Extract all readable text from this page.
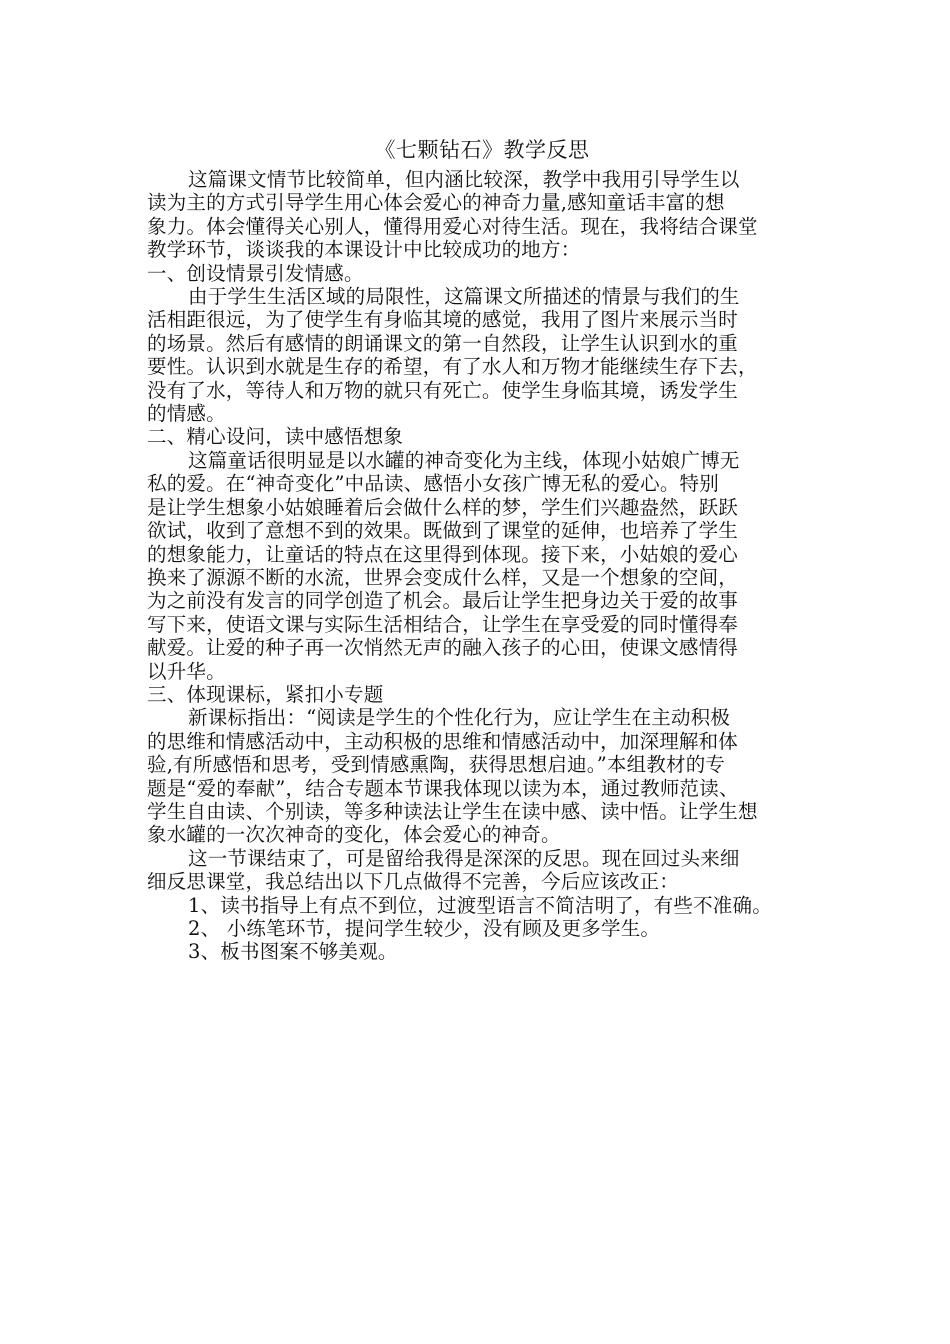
《七颗钻石》教学反思
这篇课文情节比较简单，但内涵比较深，教学中我用引导学生以
读为主的方式引导学生用心体会爱心的神奇力量,感知童话丰富的想
象力。体会懂得关心别人，懂得用爱心对待生活。现在，我将结合课堂
教学环节，谈谈我的本课设计中比较成功的地方：
一、创设情景引发情感。
由于学生生活区域的局限性，这篇课文所描述的情景与我们的生
活相距很远，为了使学生有身临其境的感觉，我用了图片来展示当时
的场景。然后有感情的朗诵课文的第一自然段，让学生认识到水的重
要性。认识到水就是生存的希望，有了水人和万物才能继续生存下去，
没有了水，等待人和万物的就只有死亡。使学生身临其境，诱发学生
的情感。
二、精心设问，读中感悟想象
这篇童话很明显是以水罐的神奇变化为主线，体现小姑娘广博无
私的爱。在“神奇变化”中品读、感悟小女孩广博无私的爱心。特别
是让学生想象小姑娘睡着后会做什么样的梦，学生们兴趣盎然，跃跃
欲试，收到了意想不到的效果。既做到了课堂的延伸，也培养了学生
的想象能力，让童话的特点在这里得到体现。接下来，小姑娘的爱心
换来了源源不断的水流，世界会变成什么样，又是一个想象的空间，
为之前没有发言的同学创造了机会。最后让学生把身边关于爱的故事
写下来，使语文课与实际生活相结合，让学生在享受爱的同时懂得奉
献爱。让爱的种子再一次悄然无声的融入孩子的心田，使课文感情得
以升华。
三、体现课标，紧扣小专题
新课标指出：“阅读是学生的个性化行为，应让学生在主动积极
的思维和情感活动中，主动积极的思维和情感活动中，加深理解和体
验,有所感悟和思考，受到情感熏陶，获得思想启迪。”本组教材的专
题是“爱的奉献”，结合专题本节课我体现以读为本，通过教师范读、
学生自由读、个别读，等多种读法让学生在读中感、读中悟。让学生想
象水罐的一次次神奇的变化，体会爱心的神奇。
这一节课结束了，可是留给我得是深深的反思。现在回过头来细
细反思课堂，我总结出以下几点做得不完善，今后应该改正：
1、读书指导上有点不到位，过渡型语言不简洁明了，有些不准确。
2、 小练笔环节，提问学生较少，没有顾及更多学生。
3、板书图案不够美观。
